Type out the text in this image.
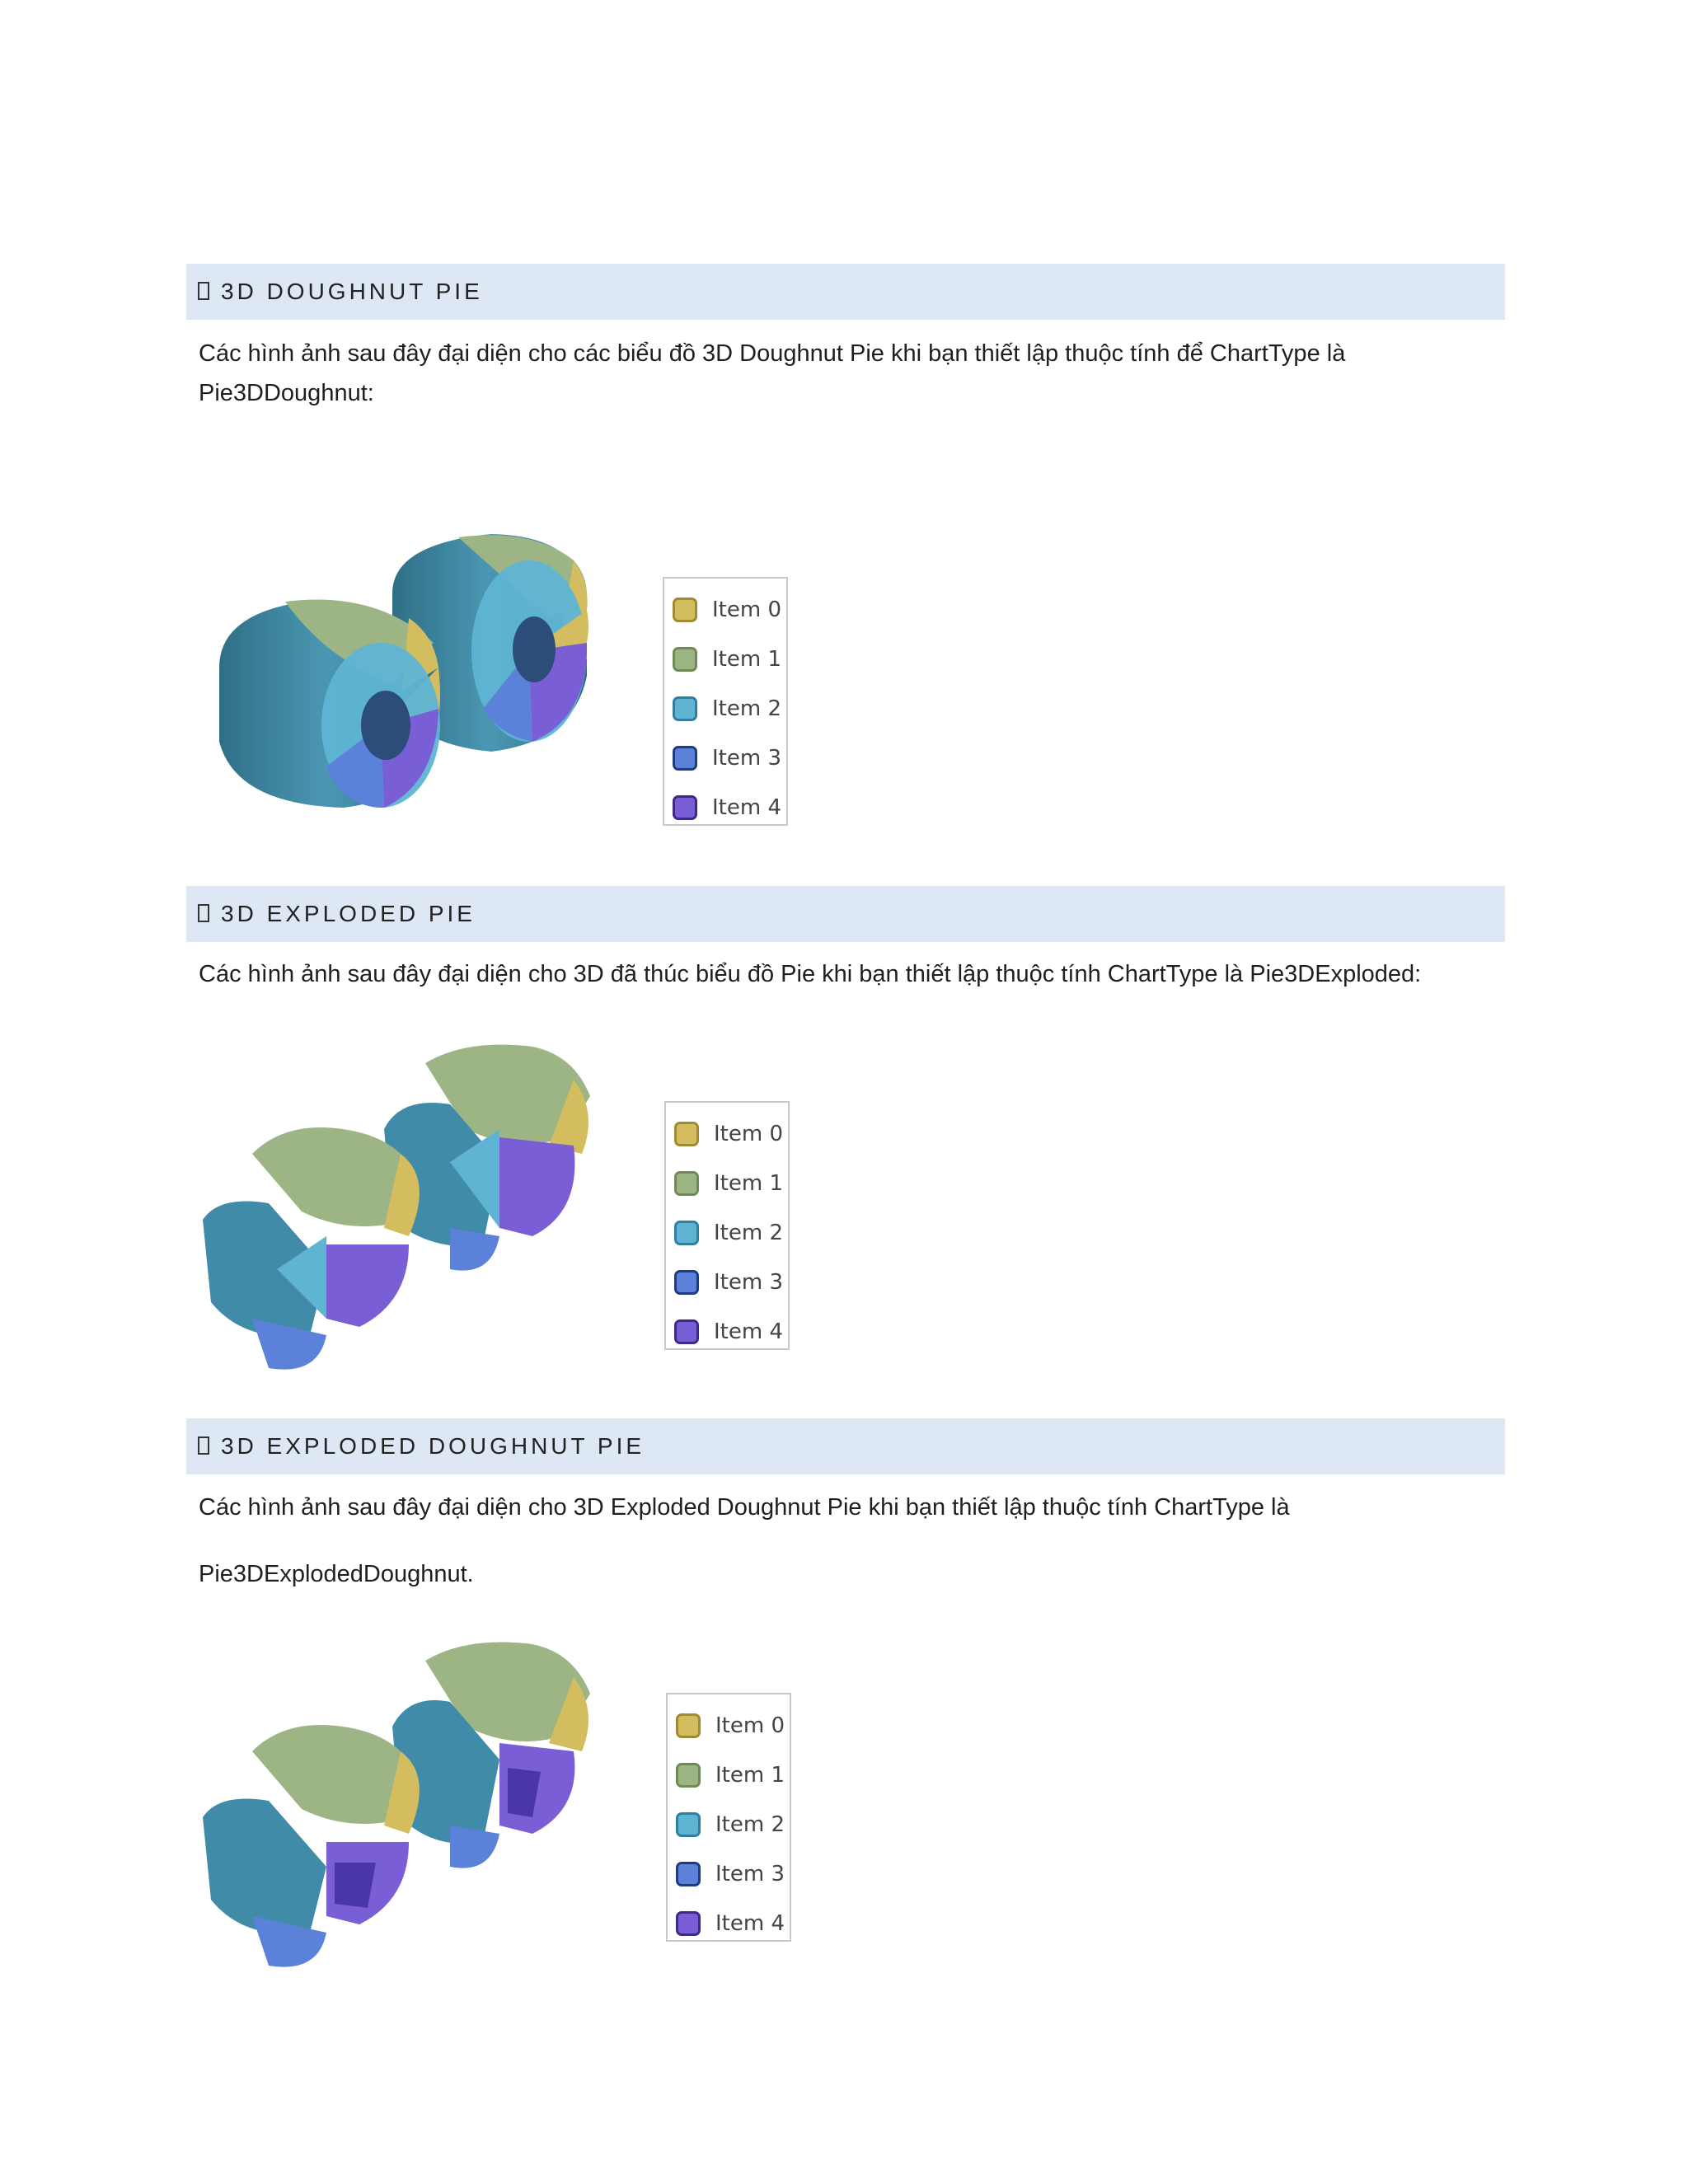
3D DOUGHNUT PIE

Các hình ảnh sau đây đại diện cho các biểu đồ 3D Doughnut Pie khi bạn thiết lập thuộc tính để ChartType là Pie3DDoughnut:

Item 0
Item 1
Item 2
Item 3
Item 4
3D EXPLODED PIE

Các hình ảnh sau đây đại diện cho 3D đã thúc biểu đồ Pie khi bạn thiết lập thuộc tính ChartType là Pie3DExploded:

Item 0
Item 1
Item 2
Item 3
Item 4
3D EXPLODED DOUGHNUT PIE

Các hình ảnh sau đây đại diện cho 3D Exploded Doughnut Pie khi bạn thiết lập thuộc tính ChartType là

Pie3DExplodedDoughnut.

Item 0
Item 1
Item 2
Item 3
Item 4
